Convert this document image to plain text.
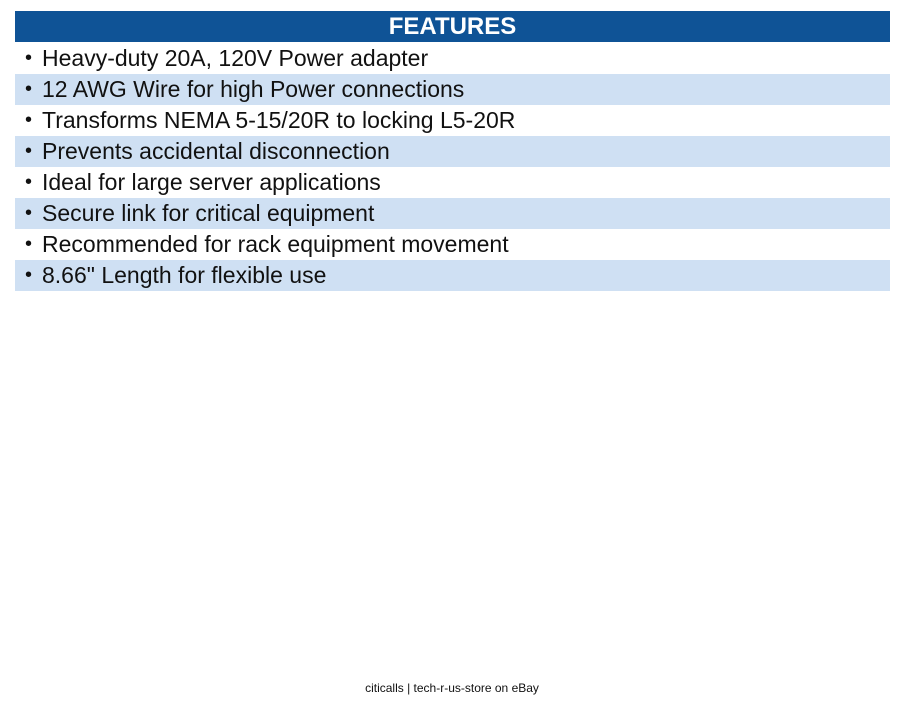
FEATURES
• Heavy-duty 20A, 120V Power adapter
• 12 AWG Wire for high Power connections
• Transforms NEMA 5-15/20R to locking L5-20R
• Prevents accidental disconnection
• Ideal for large server applications
• Secure link for critical equipment
• Recommended for rack equipment movement
• 8.66" Length for flexible use
citicalls | tech-r-us-store on eBay
